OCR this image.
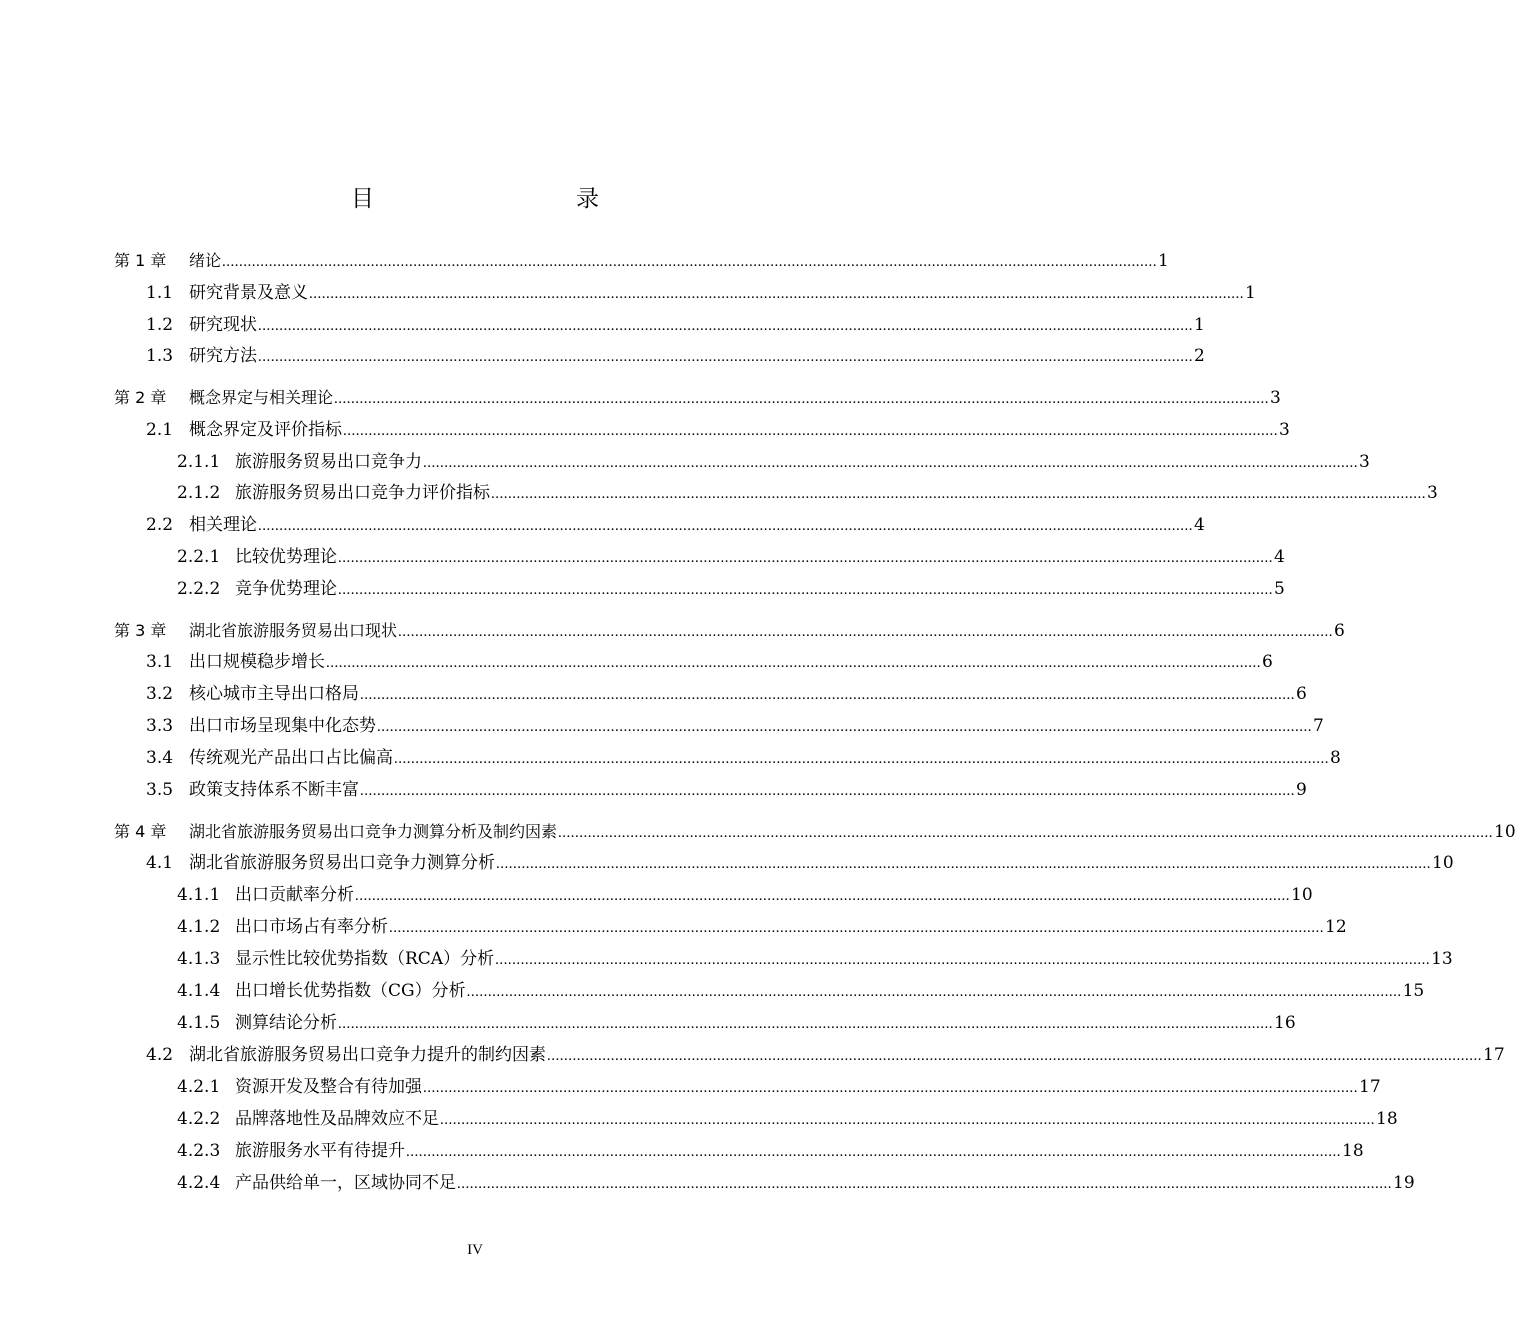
目　　录
第 1 章 绪论 ............................................................................................................................................................................................................................ 1
1.1 研究背景及意义 ............................................................................................................................................................................................................................ 1
1.2 研究现状 ............................................................................................................................................................................................................................ 1
1.3 研究方法 ............................................................................................................................................................................................................................ 2
第 2 章 概念界定与相关理论 ............................................................................................................................................................................................................................ 3
2.1 概念界定及评价指标 ............................................................................................................................................................................................................................ 3
2.1.1 旅游服务贸易出口竞争力 ............................................................................................................................................................................................................................ 3
2.1.2 旅游服务贸易出口竞争力评价指标 ............................................................................................................................................................................................................................ 3
2.2 相关理论 ............................................................................................................................................................................................................................ 4
2.2.1 比较优势理论 ............................................................................................................................................................................................................................ 4
2.2.2 竞争优势理论 ............................................................................................................................................................................................................................ 5
第 3 章 湖北省旅游服务贸易出口现状 ............................................................................................................................................................................................................................ 6
3.1 出口规模稳步增长 ............................................................................................................................................................................................................................ 6
3.2 核心城市主导出口格局 ............................................................................................................................................................................................................................ 6
3.3 出口市场呈现集中化态势 ............................................................................................................................................................................................................................ 7
3.4 传统观光产品出口占比偏高 ............................................................................................................................................................................................................................ 8
3.5 政策支持体系不断丰富 ............................................................................................................................................................................................................................ 9
第 4 章 湖北省旅游服务贸易出口竞争力测算分析及制约因素 ............................................................................................................................................................................................................................ 10
4.1 湖北省旅游服务贸易出口竞争力测算分析 ............................................................................................................................................................................................................................ 10
4.1.1 出口贡献率分析 ............................................................................................................................................................................................................................ 10
4.1.2 出口市场占有率分析 ............................................................................................................................................................................................................................ 12
4.1.3 显示性比较优势指数（RCA）分析 ............................................................................................................................................................................................................................ 13
4.1.4 出口增长优势指数（CG）分析 ............................................................................................................................................................................................................................ 15
4.1.5 测算结论分析 ............................................................................................................................................................................................................................ 16
4.2 湖北省旅游服务贸易出口竞争力提升的制约因素 ............................................................................................................................................................................................................................ 17
4.2.1 资源开发及整合有待加强 ............................................................................................................................................................................................................................ 17
4.2.2 品牌落地性及品牌效应不足 ............................................................................................................................................................................................................................ 18
4.2.3 旅游服务水平有待提升 ............................................................................................................................................................................................................................ 18
4.2.4 产品供给单一，区域协同不足 ............................................................................................................................................................................................................................ 19
IV
